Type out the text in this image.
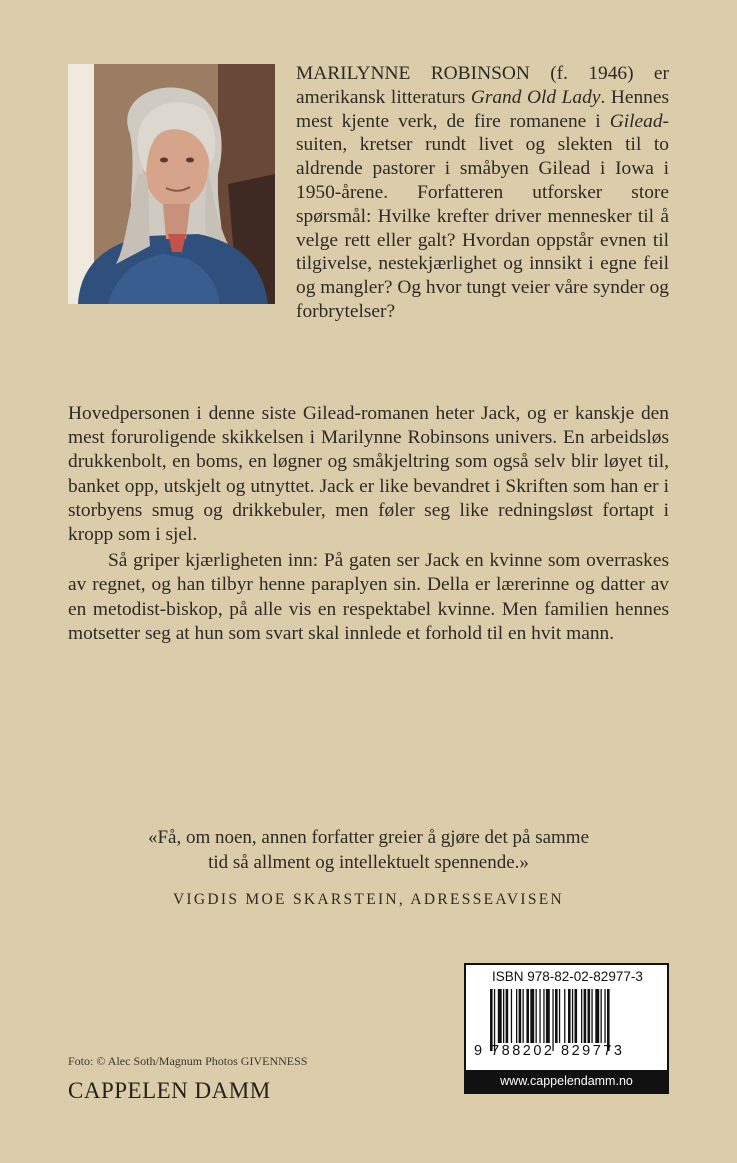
MARILYNNE ROBINSON (f. 1946) er amerikansk litteraturs Grand Old Lady. Hennes mest kjente verk, de fire romanene i Gilead-suiten, kretser rundt livet og slekten til to aldrende pastorer i småbyen Gilead i Iowa i 1950-årene. Forfatteren utforsker store spørsmål: Hvilke krefter driver mennesker til å velge rett eller galt? Hvordan oppstår evnen til tilgivelse, nestekjærlighet og innsikt i egne feil og mangler? Og hvor tungt veier våre synder og forbrytelser?

Hovedpersonen i denne siste Gilead-romanen heter Jack, og er kanskje den mest foruroligende skikkelsen i Marilynne Robinsons univers. En arbeidsløs drukkenbolt, en boms, en løgner og småkjeltring som også selv blir løyet til, banket opp, utskjelt og utnyttet. Jack er like bevandret i Skriften som han er i storbyens smug og drikkebuler, men føler seg like redningsløst fortapt i kropp som i sjel.

Så griper kjærligheten inn: På gaten ser Jack en kvinne som overraskes av regnet, og han tilbyr henne paraplyen sin. Della er lærerinne og datter av en metodist-biskop, på alle vis en respektabel kvinne. Men familien hennes motsetter seg at hun som svart skal innlede et forhold til en hvit mann.

«Få, om noen, annen forfatter greier å gjøre det på samme
tid så allment og intellektuelt spennende.»
VIGDIS MOE SKARSTEIN, ADRESSEAVISEN
ISBN 978-82-02-82977-3
9 788202 829773
www.cappelendamm.no
Foto: © Alec Soth/Magnum Photos GIVENNESS
CAPPELEN DAMM
